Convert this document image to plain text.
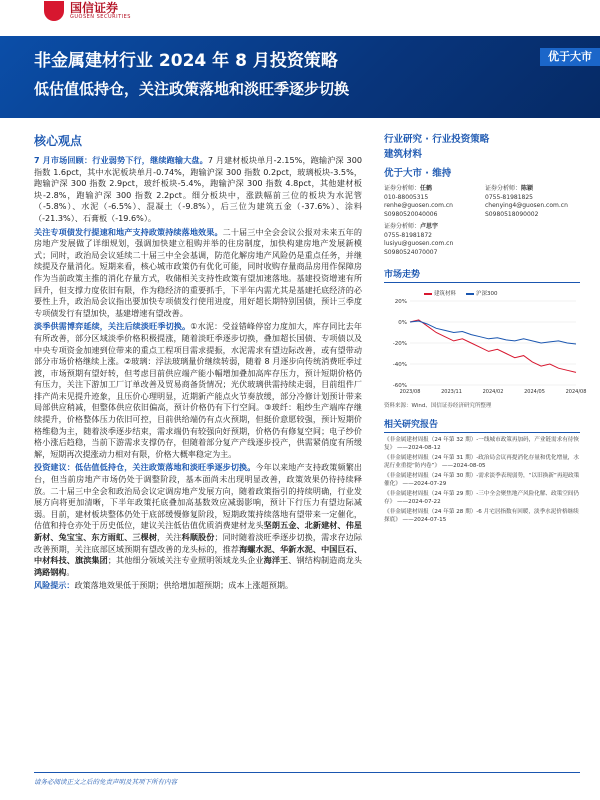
国信证券
GUOSEN SECURITIES
非金属建材行业 2024 年 8 月投资策略
低估值低持仓，关注政策落地和淡旺季逐步切换
优于大市
核心观点

7 月市场回顾：行业弱势下行，继续跑输大盘。7 月建材板块单月-2.15%，跑输沪深 300 指数 1.6pct，其中水泥板块单月-0.74%，跑输沪深 300 指数 0.2pct，玻璃板块-3.5%，跑输沪深 300 指数 2.9pct，玻纤板块-5.4%，跑输沪深 300 指数 4.8pct，其他建材板块-2.8%，跑输沪深 300 指数 2.2pct。细分板块中，涨跌幅前三位的板块为水泥管（-5.8%）、水泥（-6.5%）、混凝土（-9.8%），后三位为建筑五金（-37.6%）、涂料（-21.3%）、石膏板（-19.6%）。

关注专项债发行提速和地产支持政策持续落地效果。二十届三中全会会议公报对未来五年的房地产发展做了详细规划，强调加快建立租购并举的住房制度，加快构建房地产发展新模式；同时，政治局会议延续二十届三中全会基调，防范化解房地产风险仍是重点任务，并继续提及存量消化。短期来看，核心城市政策仍有优化可能，同时收购存量商品房用作保障房作为当前政策主推的消化存量方式，收储相关支持性政策有望加速落地。基建投资增速有所回升，但支撑力度依旧有限，作为稳经济的重要抓手，下半年内需尤其是基建托底经济的必要性上升，政治局会议指出要加快专项债发行使用进度，用好超长期特别国债，预计三季度专项债发行有望加快，基建增速有望改善。

淡季供需博弈延续，关注后续淡旺季切换。①水泥：受益错峰停窑力度加大，库存同比去年有所改善，部分区域淡季价格积极提涨，随着淡旺季逐步切换，叠加超长国债、专项债以及中央专项资金加速到位带来的重点工程项目需求提振，水泥需求有望边际改善，或有望带动部分市场价格继续上涨。②玻璃：浮法玻璃量价继续转弱，随着 8 月逐步向传统消费旺季过渡，市场预期有望好转，但考虑目前供应端产能小幅增加叠加高库存压力，预计短期价格仍有压力，关注下游加工厂订单改善及贸易商备货情况；光伏玻璃供需持续走弱，目前组件厂排产尚未见提升迹象，且压价心理明显，近期新产能点火节奏放缓，部分冷修计划预计带来局部供应稍减，但整体供应依旧偏高，预计价格仍有下行空间。③玻纤：粗纱生产端库存继续提升，价格整体压力依旧可控，目前供给端仍有点火预期，但挺价意愿较强，预计短期价格维稳为主，随着淡季逐步结束，需求端仍有较强向好预期，价格仍有修复空间；电子纱价格小涨后趋稳，当前下游需求支撑仍存，但随着部分复产产线逐步投产，供需紧俏度有所缓解，短期再次提涨动力相对有限，价格大概率稳定为主。

投资建议：低估值低持仓，关注政策落地和淡旺季逐步切换。今年以来地产支持政策频繁出台，但当前房地产市场仍处于调整阶段，基本面尚未出现明显改善，政策效果仍待持续释放。二十届三中全会和政治局会议定调房地产发展方向，随着政策指引的持续明确，行业发展方向将更加清晰，下半年政策托底叠加高基数效应减弱影响，预计下行压力有望边际减弱。目前，建材板块整体仍处于底部缓慢修复阶段，短期政策持续落地有望带来一定催化，估值和持仓亦处于历史低位，建议关注低估值优质消费建材龙头坚朗五金、北新建材、伟星新材、兔宝宝、东方雨虹、三棵树，关注科顺股份；同时随着淡旺季逐步切换，需求存边际改善预期，关注底部区域预期有望改善的龙头标的，推荐海螺水泥、华新水泥、中国巨石、中材科技、旗滨集团；其他细分领域关注专业照明领域龙头企业海洋王、钢结构制造商龙头鸿路钢构。

风险提示：政策落地效果低于预期；供给增加超预期；成本上涨超预期。

行业研究 · 行业投资策略
建筑材料
优于大市 · 维持
证券分析师：任鹤
010-88005315
renhe@guosen.com.cn
S0980520040006
证券分析师：陈颖
0755-81981825
chenying4@guosen.com.cn
S0980518090002
证券分析师：卢思宇
0755-81981872
lusiyu@guosen.com.cn
S0980524070007
市场走势
建筑材料	沪深300
20%
0%
-20%
-40%
-60%
2023/08	2023/11	2024/02	2024/05	2024/08
资料来源：Wind、国信证券经济研究所整理
相关研究报告
《非金属建材周报（24 年第 32 期）-一线城市政策再加码，产业链需求有待恢复》 ——2024-08-12
《非金属建材周报（24 年第 31 期）-政治局会议再提消化存量和优化增量，水泥行业重提“防内卷”》 ——2024-08-05
《非金属建材周报（24 年第 30 期）-需求淡季表现弱势，“以旧换新”再迎政策催化》 ——2024-07-29
《非金属建材周报（24 年第 29 期）-三中全会聚焦地产风险化解、政策空间仍存》 ——2024-07-22
《非金属建材周报（24 年第 28 期）-6 月宅居指数有回暖，淡季水泥价格继续探底》 ——2024-07-15
请务必阅读正文之后的免责声明及其项下所有内容
